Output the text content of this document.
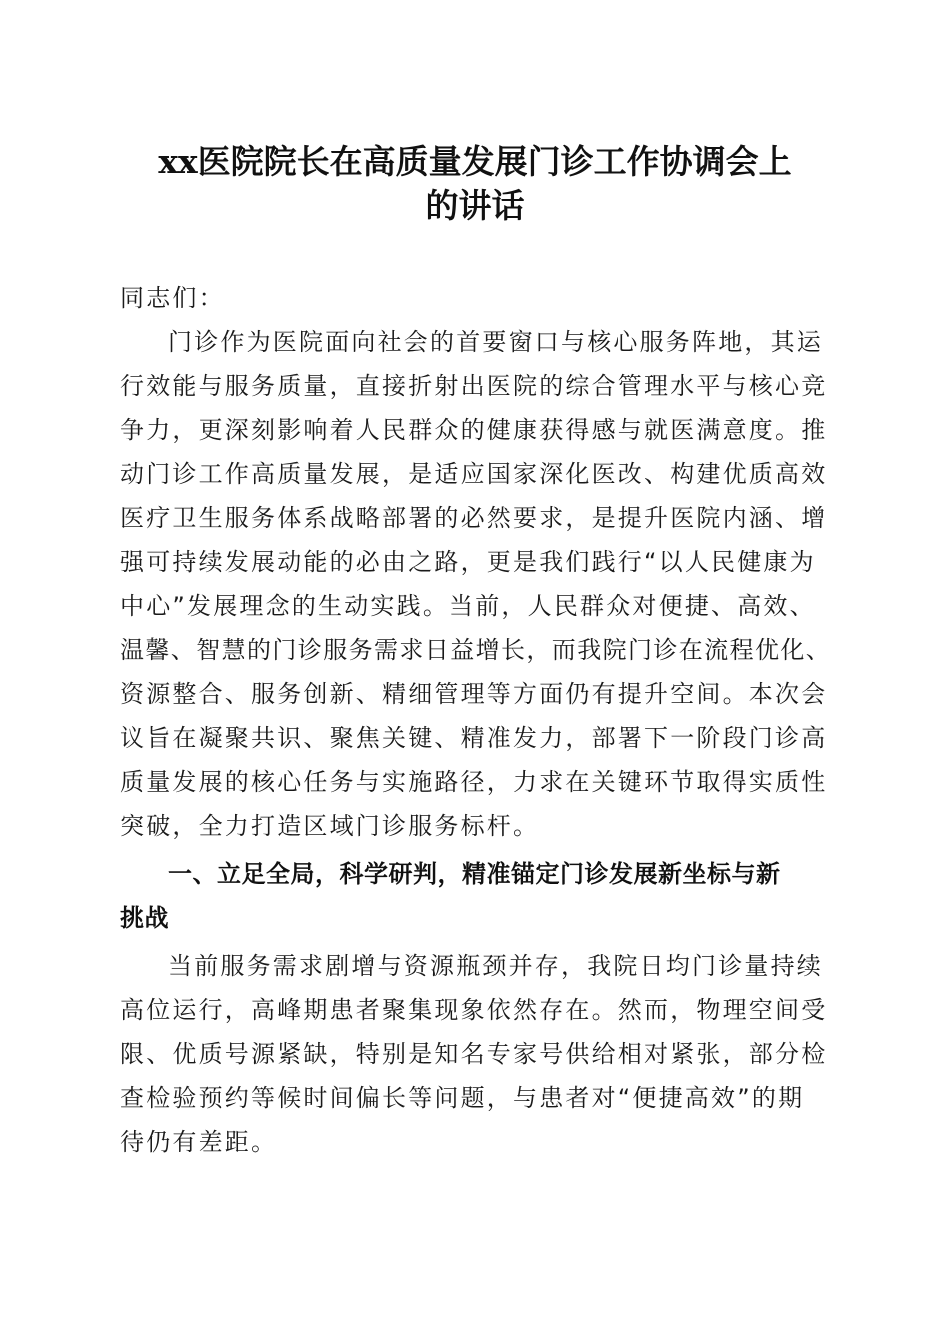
xx医院院长在高质量发展门诊工作协调会上
的讲话
同志们：
门诊作为医院面向社会的首要窗口与核心服务阵地，其运
行效能与服务质量，直接折射出医院的综合管理水平与核心竞
争力，更深刻影响着人民群众的健康获得感与就医满意度。推
动门诊工作高质量发展，是适应国家深化医改、构建优质高效
医疗卫生服务体系战略部署的必然要求，是提升医院内涵、增
强可持续发展动能的必由之路，更是我们践行“以人民健康为
中心”发展理念的生动实践。当前，人民群众对便捷、高效、
温馨、智慧的门诊服务需求日益增长，而我院门诊在流程优化、
资源整合、服务创新、精细管理等方面仍有提升空间。本次会
议旨在凝聚共识、聚焦关键、精准发力，部署下一阶段门诊高
质量发展的核心任务与实施路径，力求在关键环节取得实质性
突破，全力打造区域门诊服务标杆。
一、立足全局，科学研判，精准锚定门诊发展新坐标与新
挑战
当前服务需求剧增与资源瓶颈并存，我院日均门诊量持续
高位运行，高峰期患者聚集现象依然存在。然而，物理空间受
限、优质号源紧缺，特别是知名专家号供给相对紧张，部分检
查检验预约等候时间偏长等问题，与患者对“便捷高效”的期
待仍有差距。
